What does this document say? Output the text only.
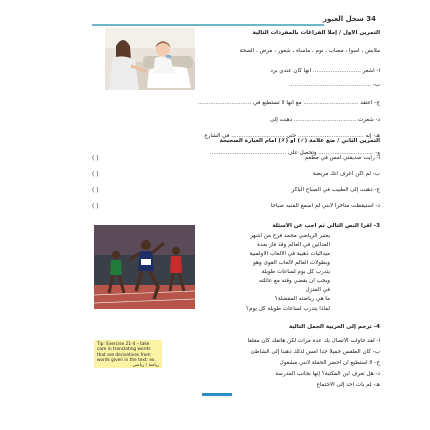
34 سجل العبور
التمرين الأول / إملأ الفراغات بالمفردات التالية
ملابس ، أسوأ ، مصاب ، نوم ، مأساة ، شعور ، مرض ، الصحة
أ- أشعر ........................... أنها كان عندي برد
ب- ..............................................
ج- أعتقد ............................... مع أنها لا تستطيع في ..............................
د- شعرت ................................... ذهبت إلى
هـ- إنه ..................................... حتى .............................. في الشارع
و- ............................... وتحصل على ...........................................
التمرين الثاني / ضع علامة (✓) أو (✗) أمام العبارة الصحيحة
( )	أ- رأيت صديقتي أمس في مطعم
( )	ب- لم أكن أعرف أنك مريضة
( )	ج- ذهبت إلى الطبيب في الصباح الباكر
( )	د- استيقظت متأخرا لأنني لم أسمع المنبه صباحا
3- اقرأ النص التالي ثم أجب عن الأسئلة
يعتبر الرياضي محمد فرح من أشهر
العدائين في العالم وقد فاز بعدة
ميداليات ذهبية في الألعاب الأولمبية
وبطولات العالم لألعاب القوى وهو
يتدرب كل يوم لساعات طويلة
ويحب أن يقضي وقته مع عائلته
في المنزل
ما هي رياضته المفضلة؟
لماذا يتدرب لساعات طويلة كل يوم؟
4- ترجم إلى العربية الجمل التالية
أ- لقد حاولت الاتصال بك عدة مرات لكن هاتفك كان مغلقا
ب- كان الطقس جميلا جدا أمس لذلك ذهبنا إلى الشاطئ
ج- لا أستطيع أن أحضر الحفلة لأنني مشغول
د- هل تعرف أين المكتبة؟ إنها بجانب المدرسة
هـ- لم يأت أحد إلى الاجتماع
Tip: Exercise 21-4 – take care in translating words that are derivatives from words given in the text: ex.
رياضة / رياضي
